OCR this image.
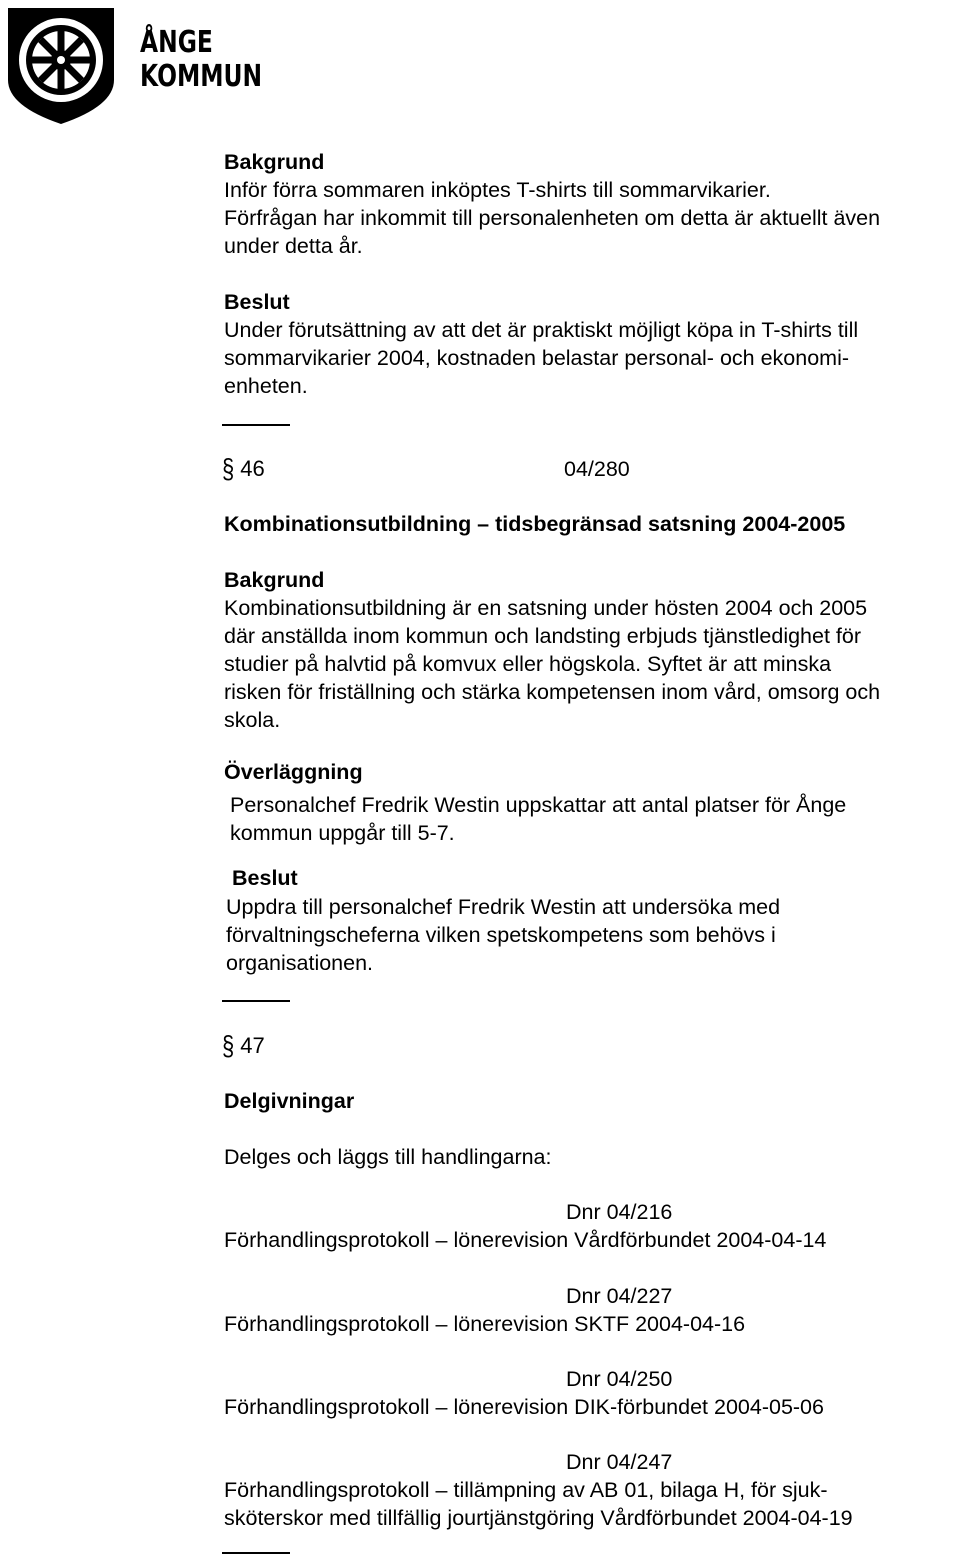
ÅNGE
KOMMUN
Bakgrund
Inför förra sommaren inköptes T-shirts till sommarvikarier.
Förfrågan har inkommit till personalenheten om detta är aktuellt även
under detta år.
Beslut
Under förutsättning av att det är praktiskt möjligt köpa in T-shirts till
sommarvikarier 2004, kostnaden belastar personal- och ekonomi-
enheten.
§ 46	04/280
Kombinationsutbildning – tidsbegränsad satsning 2004-2005
Bakgrund
Kombinationsutbildning är en satsning under hösten 2004 och 2005
där anställda inom kommun och landsting erbjuds tjänstledighet för
studier på halvtid på komvux eller högskola. Syftet är att minska
risken för friställning och stärka kompetensen inom vård, omsorg och
skola.
Överläggning
Personalchef Fredrik Westin uppskattar att antal platser för Ånge
kommun uppgår till 5-7.
Beslut
Uppdra till personalchef Fredrik Westin att undersöka med
förvaltningscheferna vilken spetskompetens som behövs i
organisationen.
§ 47
Delgivningar
Delges och läggs till handlingarna:
Dnr 04/216
Förhandlingsprotokoll – lönerevision Vårdförbundet 2004-04-14
Dnr 04/227
Förhandlingsprotokoll – lönerevision SKTF 2004-04-16
Dnr 04/250
Förhandlingsprotokoll – lönerevision DIK-förbundet 2004-05-06
Dnr 04/247
Förhandlingsprotokoll – tillämpning av AB 01, bilaga H, för sjuk-
sköterskor med tillfällig jourtjänstgöring Vårdförbundet 2004-04-19
